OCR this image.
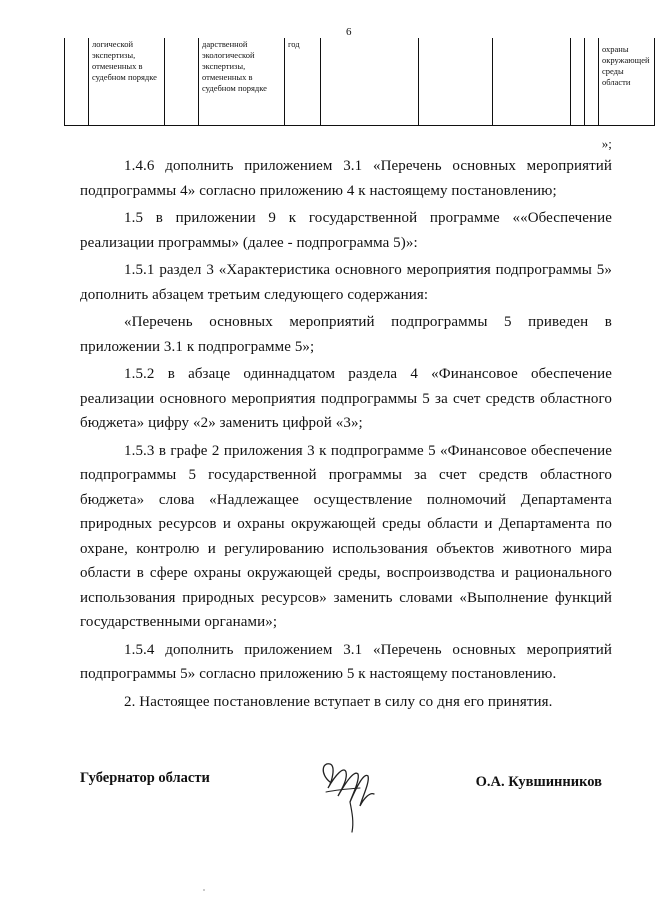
6
	логической экспертизы, отмененных в судебном порядке		дарственной экологической экспертизы, отмененных в судебном порядке	год						охраны окружающей среды области

»;

1.4.6 дополнить приложением 3.1 «Перечень основных мероприятий подпрограммы 4» согласно приложению 4 к настоящему постановлению;

1.5 в приложении 9 к государственной программе ««Обеспечение реализации программы» (далее - подпрограмма 5)»:

1.5.1 раздел 3 «Характеристика основного мероприятия подпрограммы 5» дополнить абзацем третьим следующего содержания:

«Перечень основных мероприятий подпрограммы 5 приведен в приложении 3.1 к подпрограмме 5»;

1.5.2 в абзаце одиннадцатом раздела 4 «Финансовое обеспечение реализации основного мероприятия подпрограммы 5 за счет средств областного бюджета» цифру «2» заменить цифрой «3»;

1.5.3 в графе 2 приложения 3 к подпрограмме 5 «Финансовое обеспечение подпрограммы 5 государственной программы за счет средств областного бюджета» слова «Надлежащее осуществление полномочий Департамента природных ресурсов и охраны окружающей среды области и Департамента по охране, контролю и регулированию использования объектов животного мира области в сфере охраны окружающей среды, воспроизводства и рационального использования природных ресурсов» заменить словами «Выполнение функций государственными органами»;

1.5.4 дополнить приложением 3.1 «Перечень основных мероприятий подпрограммы 5» согласно приложению 5 к настоящему постановлению.

2. Настоящее постановление вступает в силу со дня его принятия.

Губернатор области	О.А. Кувшинников
